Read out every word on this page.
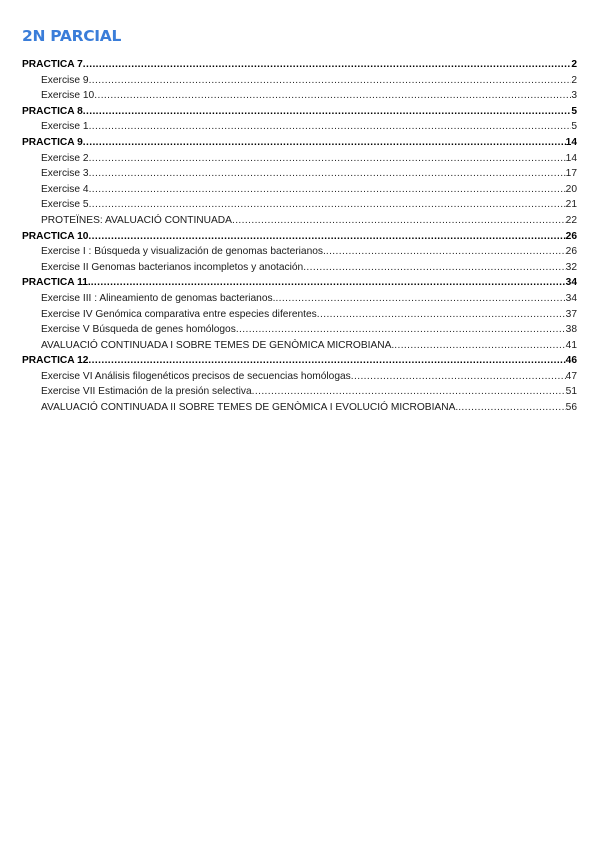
2N PARCIAL
PRACTICA 7 .....	2
Exercise 9 .....	2
Exercise 10 .....	3
PRACTICA 8 .....	5
Exercise 1 .....	5
PRACTICA 9 .....	14
Exercise 2 .....	14
Exercise 3 .....	17
Exercise 4 .....	20
Exercise 5 .....	21
PROTEÏNES: AVALUACIÓ CONTINUADA .....	22
PRACTICA 10 .....	26
Exercise I : Búsqueda y visualización de genomas bacterianos. .....	26
Exercise II Genomas bacterianos incompletos y anotación .....	32
PRACTICA 11. .....	34
Exercise III : Alineamiento de genomas bacterianos. .....	34
Exercise IV Genómica comparativa entre especies diferentes .....	37
Exercise V Búsqueda de genes homólogos .....	38
AVALUACIÓ CONTINUADA I SOBRE TEMES DE GENÒMICA MICROBIANA. .....	41
PRACTICA 12 .....	46
Exercise VI Análisis filogenéticos precisos de secuencias homólogas .....	47
Exercise VII Estimación de la presión selectiva .....	51
AVALUACIÓ CONTINUADA II SOBRE TEMES DE GENÒMICA I EVOLUCIÓ MICROBIANA. .....	56
